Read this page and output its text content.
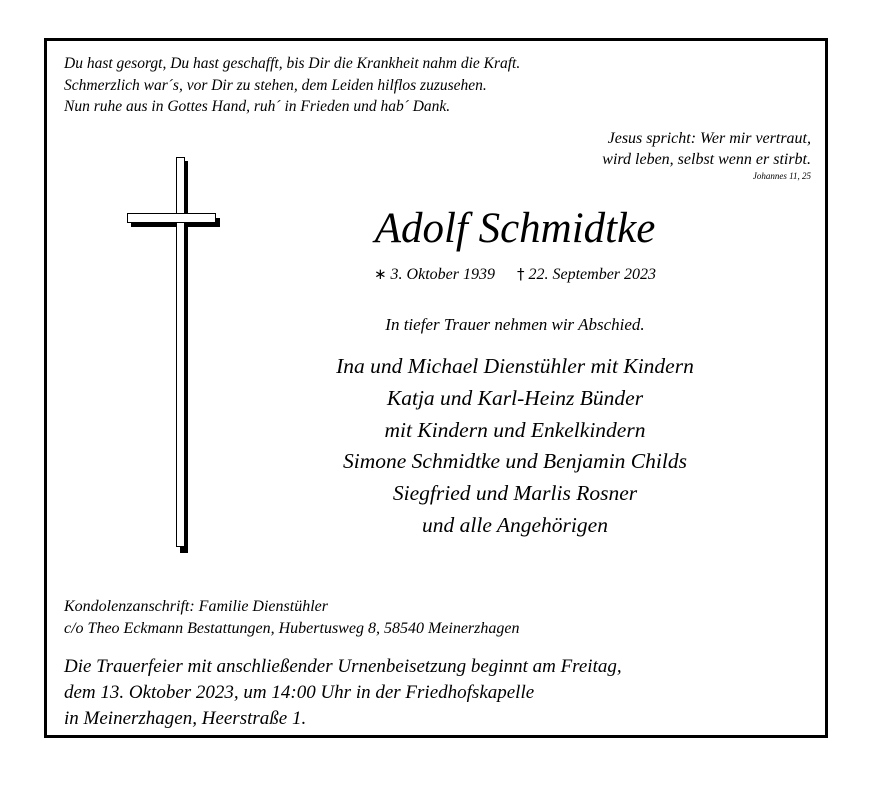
Du hast gesorgt, Du hast geschafft, bis Dir die Krankheit nahm die Kraft.
Schmerzlich war´s, vor Dir zu stehen, dem Leiden hilflos zuzusehen.
Nun ruhe aus in Gottes Hand, ruh´ in Frieden und hab´ Dank.
Jesus spricht: Wer mir vertraut,
wird leben, selbst wenn er stirbt.
Johannes 11, 25
Adolf Schmidtke
∗ 3. Oktober 1939 † 22. September 2023
In tiefer Trauer nehmen wir Abschied.
Ina und Michael Dienstühler mit Kindern
Katja und Karl-Heinz Bünder
mit Kindern und Enkelkindern
Simone Schmidtke und Benjamin Childs
Siegfried und Marlis Rosner
und alle Angehörigen
Kondolenzanschrift: Familie Dienstühler
c/o Theo Eckmann Bestattungen, Hubertusweg 8, 58540 Meinerzhagen
Die Trauerfeier mit anschließender Urnenbeisetzung beginnt am Freitag,
dem 13. Oktober 2023, um 14:00 Uhr in der Friedhofskapelle
in Meinerzhagen, Heerstraße 1.
